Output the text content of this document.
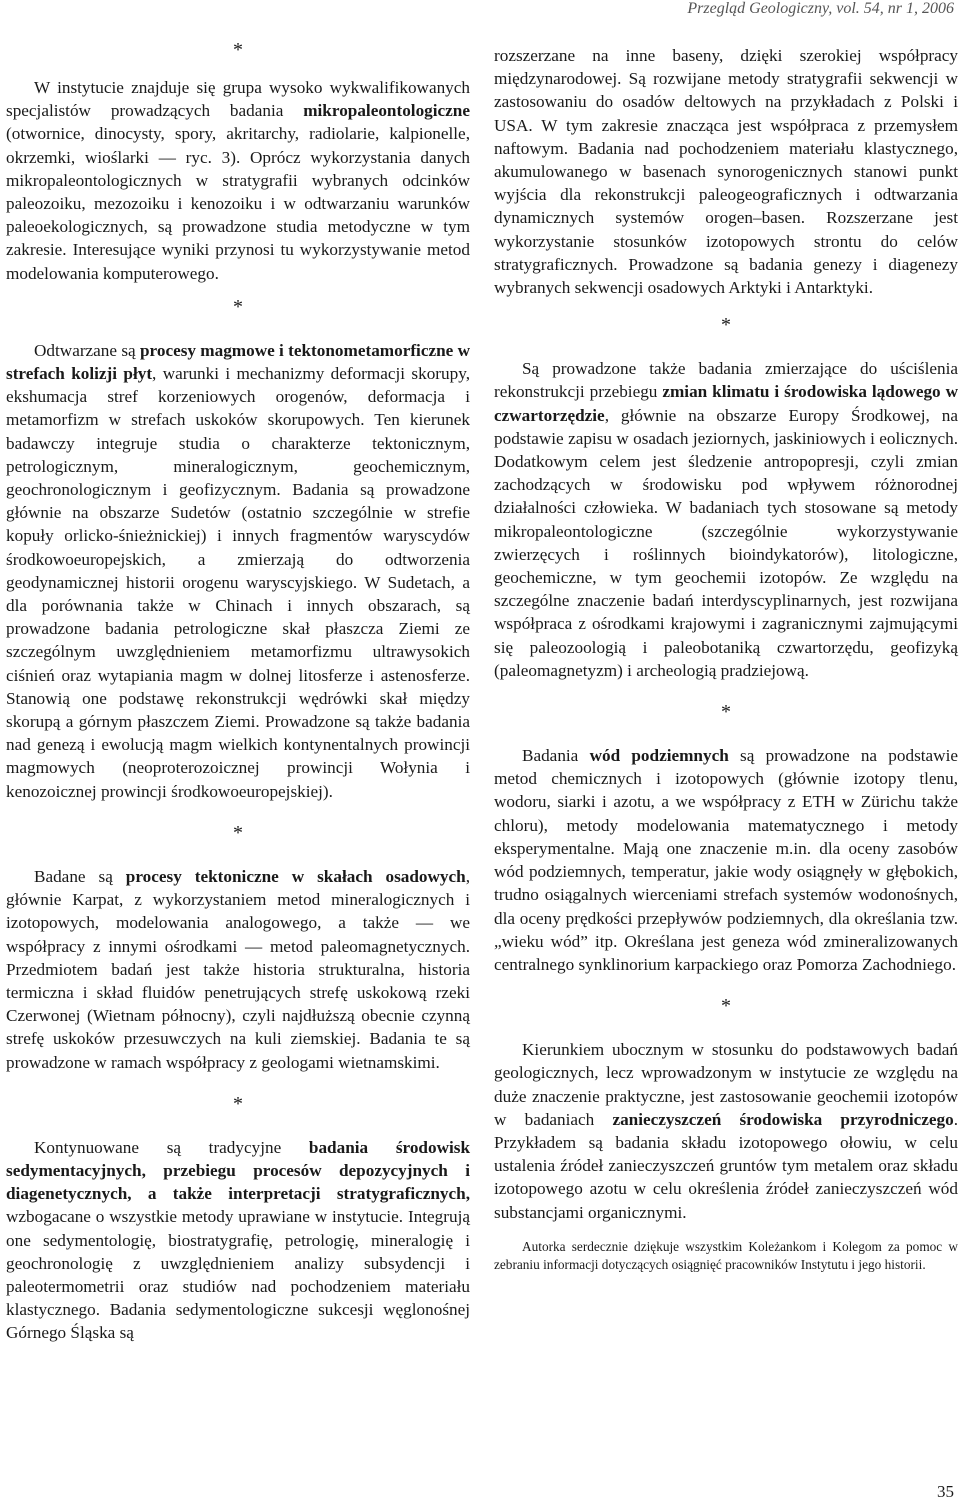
Przegląd Geologiczny, vol. 54, nr 1, 2006
*

W instytucie znajduje się grupa wysoko wykwalifikowanych specjalistów prowadzących badania mikropaleontologiczne (otwornice, dinocysty, spory, akritarchy, radiolarie, kalpionelle, okrzemki, wioślarki — ryc. 3). Oprócz wykorzystania danych mikropaleontologicznych w stratygrafii wybranych odcinków paleozoiku, mezozoiku i kenozoiku i w odtwarzaniu warunków paleoekologicznych, są prowadzone studia metodyczne w tym zakresie. Interesujące wyniki przynosi tu wykorzystywanie metod modelowania komputerowego.

*

Odtwarzane są procesy magmowe i tektonometamorficzne w strefach kolizji płyt, warunki i mechanizmy deformacji skorupy, ekshumacja stref korzeniowych orogenów, deformacja i metamorfizm w strefach uskoków skorupowych. Ten kierunek badawczy integruje studia o charakterze tektonicznym, petrologicznym, mineralogicznym, geochemicznym, geochronologicznym i geofizycznym. Badania są prowadzone głównie na obszarze Sudetów (ostatnio szczególnie w strefie kopuły orlicko-śnieżnickiej) i innych fragmentów waryscydów środkowoeuropejskich, a zmierzają do odtworzenia geodynamicznej historii orogenu waryscyjskiego. W Sudetach, a dla porównania także w Chinach i innych obszarach, są prowadzone badania petrologiczne skał płaszcza Ziemi ze szczególnym uwzględnieniem metamorfizmu ultrawysokich ciśnień oraz wytapiania magm w dolnej litosferze i astenosferze. Stanowią one podstawę rekonstrukcji wędrówki skał między skorupą a górnym płaszczem Ziemi. Prowadzone są także badania nad genezą i ewolucją magm wielkich kontynentalnych prowincji magmowych (neoproterozoicznej prowincji Wołynia i kenozoicznej prowincji środkowoeuropejskiej).

*

Badane są procesy tektoniczne w skałach osadowych, głównie Karpat, z wykorzystaniem metod mineralogicznych i izotopowych, modelowania analogowego, a także — we współpracy z innymi ośrodkami — metod paleomagnetycznych. Przedmiotem badań jest także historia strukturalna, historia termiczna i skład fluidów penetrujących strefę uskokową rzeki Czerwonej (Wietnam północny), czyli najdłuższą obecnie czynną strefę uskoków przesuwczych na kuli ziemskiej. Badania te są prowadzone w ramach współpracy z geologami wietnamskimi.

*

Kontynuowane są tradycyjne badania środowisk sedymentacyjnych, przebiegu procesów depozycyjnych i diagenetycznych, a także interpretacji stratygraficznych, wzbogacane o wszystkie metody uprawiane w instytucie. Integrują one sedymentologię, biostratygrafię, petrologię, mineralogię i geochronologię z uwzględnieniem analizy subsydencji i paleotermometrii oraz studiów nad pochodzeniem materiału klastycznego. Badania sedymentologiczne sukcesji węglonośnej Górnego Śląska są

rozszerzane na inne baseny, dzięki szerokiej współpracy międzynarodowej. Są rozwijane metody stratygrafii sekwencji w zastosowaniu do osadów deltowych na przykładach z Polski i USA. W tym zakresie znacząca jest współpraca z przemysłem naftowym. Badania nad pochodzeniem materiału klastycznego, akumulowanego w basenach synorogenicznych stanowi punkt wyjścia dla rekonstrukcji paleogeograficznych i odtwarzania dynamicznych systemów orogen–basen. Rozszerzane jest wykorzystanie stosunków izotopowych strontu do celów stratygraficznych. Prowadzone są badania genezy i diagenezy wybranych sekwencji osadowych Arktyki i Antarktyki.

*

Są prowadzone także badania zmierzające do uściślenia rekonstrukcji przebiegu zmian klimatu i środowiska lądowego w czwartorzędzie, głównie na obszarze Europy Środkowej, na podstawie zapisu w osadach jeziornych, jaskiniowych i eolicznych. Dodatkowym celem jest śledzenie antropopresji, czyli zmian zachodzących w środowisku pod wpływem różnorodnej działalności człowieka. W badaniach tych stosowane są metody mikropaleontologiczne (szczególnie wykorzystywanie zwierzęcych i roślinnych bioindykatorów), litologiczne, geochemiczne, w tym geochemii izotopów. Ze względu na szczególne znaczenie badań interdyscyplinarnych, jest rozwijana współpraca z ośrodkami krajowymi i zagranicznymi zajmującymi się paleozoologią i paleobotaniką czwartorzędu, geofizyką (paleomagnetyzm) i archeologią pradziejową.

*

Badania wód podziemnych są prowadzone na podstawie metod chemicznych i izotopowych (głównie izotopy tlenu, wodoru, siarki i azotu, a we współpracy z ETH w Zürichu także chloru), metody modelowania matematycznego i metody eksperymentalne. Mają one znaczenie m.in. dla oceny zasobów wód podziemnych, temperatur, jakie wody osiągnęły w głębokich, trudno osiągalnych wierceniami strefach systemów wodonośnych, dla oceny prędkości przepływów podziemnych, dla określania tzw. „wieku wód” itp. Określana jest geneza wód zmineralizowanych centralnego synklinorium karpackiego oraz Pomorza Zachodniego.

*

Kierunkiem ubocznym w stosunku do podstawowych badań geologicznych, lecz wprowadzonym w instytucie ze względu na duże znaczenie praktyczne, jest zastosowanie geochemii izotopów w badaniach zanieczyszczeń środowiska przyrodniczego. Przykładem są badania składu izotopowego ołowiu, w celu ustalenia źródeł zanieczyszczeń gruntów tym metalem oraz składu izotopowego azotu w celu określenia źródeł zanieczyszczeń wód substancjami organicznymi.

Autorka serdecznie dziękuje wszystkim Koleżankom i Kolegom za pomoc w zebraniu informacji dotyczących osiągnięć pracowników Instytutu i jego historii.

35
